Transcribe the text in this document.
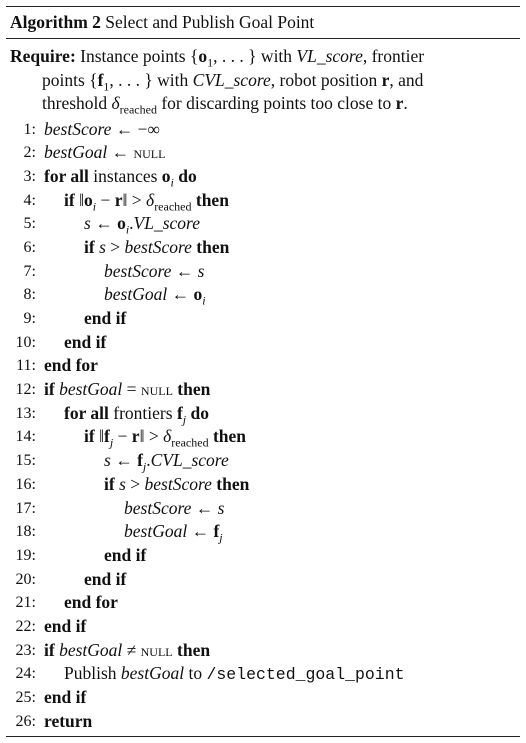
Algorithm 2 Select and Publish Goal Point
Require: Instance points {$o_1$, . . . } with VL_score, frontier
points {$f_1$, . . . } with CVL_score, robot position r, and
threshold $\delta_{reached}$ for discarding points too close to r.
1: bestScore ← −∞
2: bestGoal ← null
3: for all instances $o_i$ do
4:	if $‖o_i$ − r‖ > $\delta_{reached}$ then
5:	s ← $o_i.VL\_score$
6:	if s > bestScore then
7:	bestScore ← s
8:	bestGoal ← $o_i$
9:	end if
10:	end if
11: end for
12: if bestGoal = null then
13:	for all frontiers $f_j$ do
14:	if $‖f_j$ − r‖ > $\delta_{reached}$ then
15:	s ← $f_j.CVL\_score$
16:	if s > bestScore then
17:	bestScore ← s
18:	bestGoal ← $f_j$
19:	end if
20:	end if
21:	end for
22: end if
23: if bestGoal ≠ null then
24:	Publish bestGoal to /selected_goal_point
25: end if
26: return
